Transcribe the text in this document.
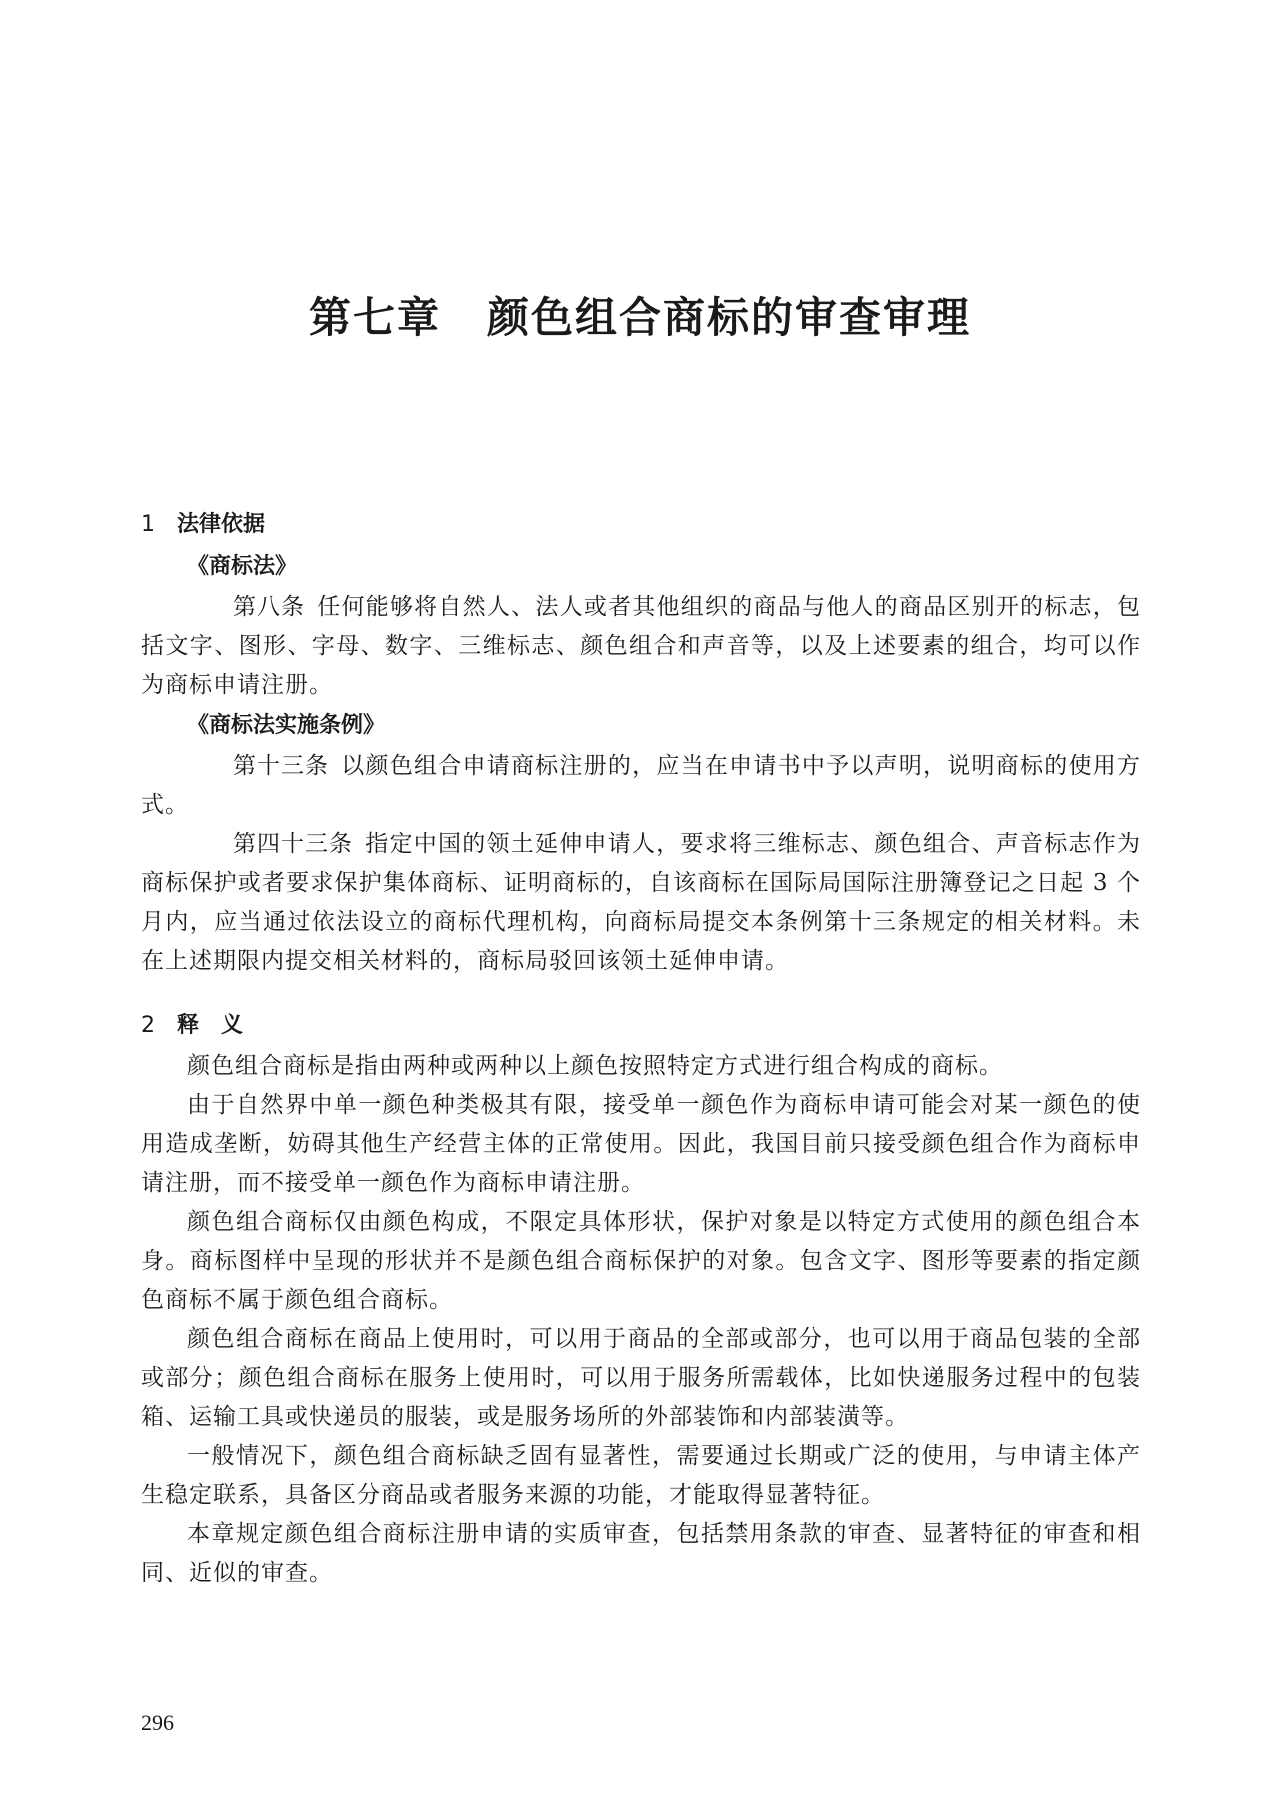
第七章 颜色组合商标的审查审理

1 法律依据

《商标法》

第八条 任何能够将自然人、法人或者其他组织的商品与他人的商品区别开的标志，包括文字、图形、字母、数字、三维标志、颜色组合和声音等，以及上述要素的组合，均可以作为商标申请注册。

《商标法实施条例》

第十三条 以颜色组合申请商标注册的，应当在申请书中予以声明，说明商标的使用方式。

第四十三条 指定中国的领土延伸申请人，要求将三维标志、颜色组合、声音标志作为商标保护或者要求保护集体商标、证明商标的，自该商标在国际局国际注册簿登记之日起 3 个月内，应当通过依法设立的商标代理机构，向商标局提交本条例第十三条规定的相关材料。未在上述期限内提交相关材料的，商标局驳回该领土延伸申请。

2 释　义

颜色组合商标是指由两种或两种以上颜色按照特定方式进行组合构成的商标。

由于自然界中单一颜色种类极其有限，接受单一颜色作为商标申请可能会对某一颜色的使用造成垄断，妨碍其他生产经营主体的正常使用。因此，我国目前只接受颜色组合作为商标申请注册，而不接受单一颜色作为商标申请注册。

颜色组合商标仅由颜色构成，不限定具体形状，保护对象是以特定方式使用的颜色组合本身。商标图样中呈现的形状并不是颜色组合商标保护的对象。包含文字、图形等要素的指定颜色商标不属于颜色组合商标。

颜色组合商标在商品上使用时，可以用于商品的全部或部分，也可以用于商品包装的全部或部分；颜色组合商标在服务上使用时，可以用于服务所需载体，比如快递服务过程中的包装箱、运输工具或快递员的服装，或是服务场所的外部装饰和内部装潢等。

一般情况下，颜色组合商标缺乏固有显著性，需要通过长期或广泛的使用，与申请主体产生稳定联系，具备区分商品或者服务来源的功能，才能取得显著特征。

本章规定颜色组合商标注册申请的实质审查，包括禁用条款的审查、显著特征的审查和相同、近似的审查。

296
